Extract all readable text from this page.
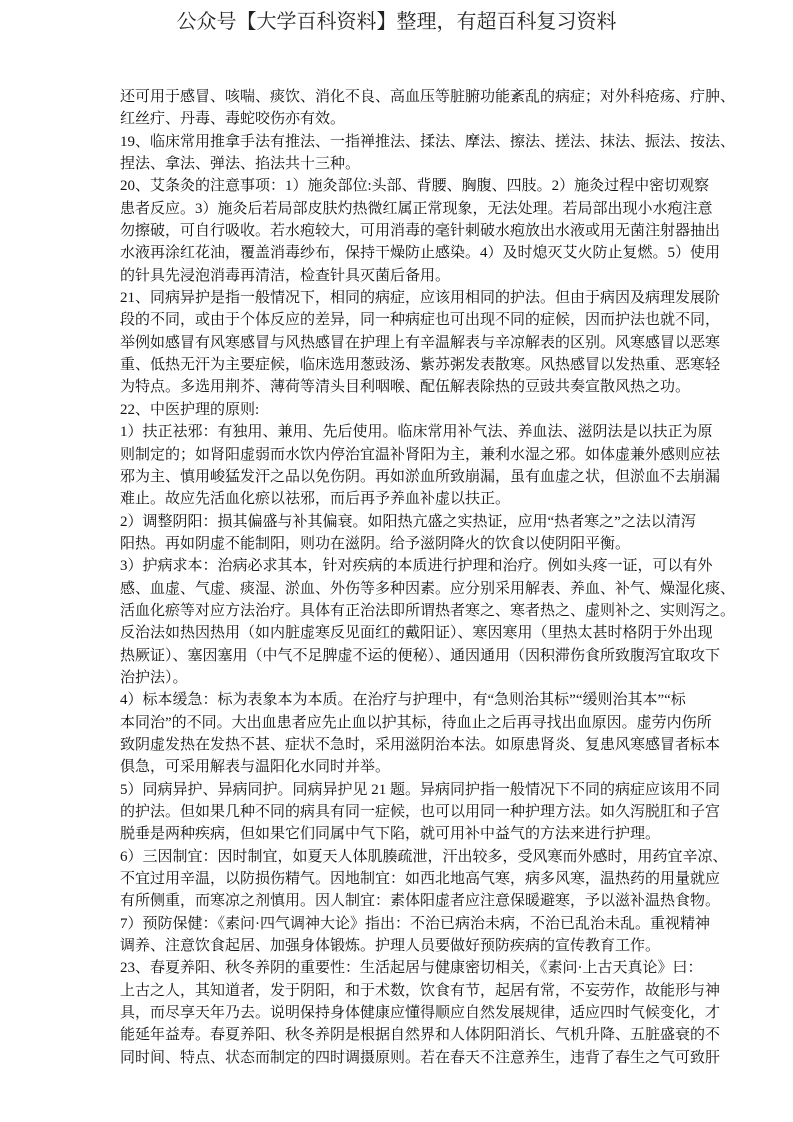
公众号【大学百科资料】整理，有超百科复习资料
还可用于感冒、咳喘、痰饮、消化不良、高血压等脏腑功能紊乱的病症；对外科疮疡、疔肿、
红丝疔、丹毒、毒蛇咬伤亦有效。
19、临床常用推拿手法有推法、一指禅推法、揉法、摩法、擦法、搓法、抹法、振法、按法、
捏法、拿法、弹法、掐法共十三种。
20、艾条灸的注意事项：1）施灸部位:头部、背腰、胸腹、四肢。2）施灸过程中密切观察
患者反应。3）施灸后若局部皮肤灼热微红属正常现象，无法处理。若局部出现小水疱注意
勿擦破，可自行吸收。若水疱较大，可用消毒的毫针刺破水疱放出水液或用无菌注射器抽出
水液再涂红花油，覆盖消毒纱布，保持干燥防止感染。4）及时熄灭艾火防止复燃。5）使用
的针具先浸泡消毒再清洁，检查针具灭菌后备用。
21、同病异护是指一般情况下，相同的病症，应该用相同的护法。但由于病因及病理发展阶
段的不同，或由于个体反应的差异，同一种病症也可出现不同的症候，因而护法也就不同，
举例如感冒有风寒感冒与风热感冒在护理上有辛温解表与辛凉解表的区别。风寒感冒以恶寒
重、低热无汗为主要症候，临床选用葱豉汤、紫苏粥发表散寒。风热感冒以发热重、恶寒轻
为特点。多选用荆芥、薄荷等清头目利咽喉、配伍解表除热的豆豉共奏宣散风热之功。
22、中医护理的原则:
1）扶正祛邪：有独用、兼用、先后使用。临床常用补气法、养血法、滋阴法是以扶正为原
则制定的；如肾阳虚弱而水饮内停治宜温补肾阳为主，兼利水湿之邪。如体虚兼外感则应祛
邪为主、慎用峻猛发汗之品以免伤阴。再如淤血所致崩漏，虽有血虚之状，但淤血不去崩漏
难止。故应先活血化瘀以祛邪，而后再予养血补虚以扶正。
2）调整阴阳：损其偏盛与补其偏衰。如阳热亢盛之实热证，应用“热者寒之”之法以清泻
阳热。再如阴虚不能制阳，则功在滋阴。给予滋阴降火的饮食以使阴阳平衡。
3）护病求本：治病必求其本，针对疾病的本质进行护理和治疗。例如头疼一证，可以有外
感、血虚、气虚、痰湿、淤血、外伤等多种因素。应分别采用解表、养血、补气、燥湿化痰、
活血化瘀等对应方法治疗。具体有正治法即所谓热者寒之、寒者热之、虚则补之、实则泻之。
反治法如热因热用（如内脏虚寒反见面红的戴阳证）、寒因寒用（里热太甚时格阴于外出现
热厥证）、塞因塞用（中气不足脾虚不运的便秘）、通因通用（因积滞伤食所致腹泻宜取攻下
治护法）。
4）标本缓急：标为表象本为本质。在治疗与护理中，有“急则治其标”“缓则治其本”“标
本同治”的不同。大出血患者应先止血以护其标，待血止之后再寻找出血原因。虚劳内伤所
致阴虚发热在发热不甚、症状不急时，采用滋阴治本法。如原患肾炎、复患风寒感冒者标本
俱急，可采用解表与温阳化水同时并举。
5）同病异护、异病同护。同病异护见 21 题。异病同护指一般情况下不同的病症应该用不同
的护法。但如果几种不同的病具有同一症候，也可以用同一种护理方法。如久泻脱肛和子宫
脱垂是两种疾病，但如果它们同属中气下陷，就可用补中益气的方法来进行护理。
6）三因制宜：因时制宜，如夏天人体肌腠疏泄，汗出较多，受风寒而外感时，用药宜辛凉、
不宜过用辛温，以防损伤精气。因地制宜：如西北地高气寒，病多风寒，温热药的用量就应
有所侧重，而寒凉之剂慎用。因人制宜：素体阳虚者应注意保暖避寒，予以滋补温热食物。
7）预防保健：《素问·四气调神大论》指出：不治已病治未病，不治已乱治未乱。重视精神
调养、注意饮食起居、加强身体锻炼。护理人员要做好预防疾病的宣传教育工作。
23、春夏养阳、秋冬养阴的重要性：生活起居与健康密切相关，《素问·上古天真论》曰：
上古之人，其知道者，发于阴阳，和于术数，饮食有节，起居有常，不妄劳作，故能形与神
具，而尽享天年乃去。说明保持身体健康应懂得顺应自然发展规律，适应四时气候变化，才
能延年益寿。春夏养阳、秋冬养阴是根据自然界和人体阴阳消长、气机升降、五脏盛衰的不
同时间、特点、状态而制定的四时调摄原则。若在春天不注意养生，违背了春生之气可致肝
